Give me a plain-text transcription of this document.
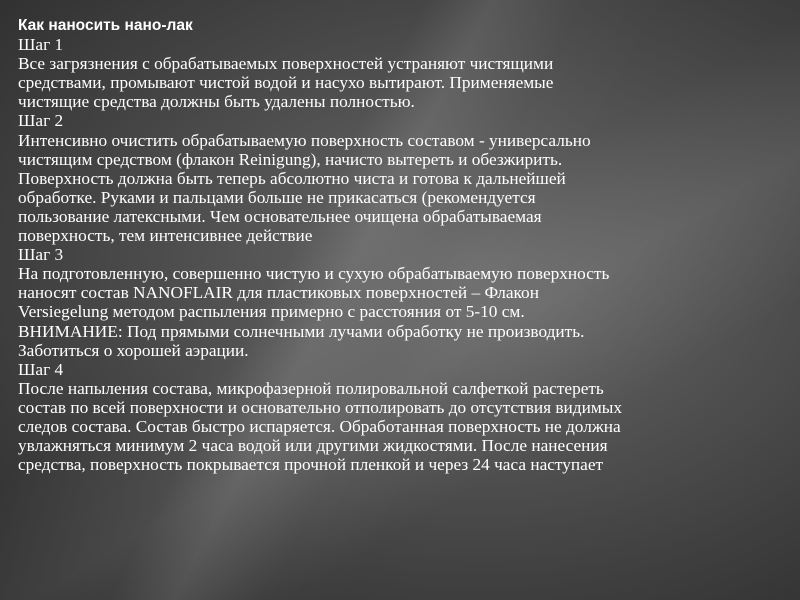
Как наносить нано-лак
Шаг 1
Все загрязнения с обрабатываемых поверхностей устраняют чистящими
средствами, промывают чистой водой и насухо вытирают. Применяемые
чистящие средства должны быть удалены полностью.
Шаг 2
Интенсивно очистить обрабатываемую поверхность составом - универсально
чистящим средством (флакон Reinigung), начисто вытереть и обезжирить.
Поверхность должна быть теперь абсолютно чиста и готова к дальнейшей
обработке. Руками и пальцами больше не прикасаться (рекомендуется
пользование латексными. Чем основательнее очищена обрабатываемая
поверхность, тем интенсивнее действие
Шаг 3
На подготовленную, совершенно чистую и сухую обрабатываемую поверхность
наносят состав NANOFLAIR для пластиковых поверхностей – Флакон
Versiegelung методом распыления примерно с расстояния от 5-10 см.
ВНИМАНИЕ: Под прямыми солнечными лучами обработку не производить.
Заботиться о хорошей аэрации.
Шаг 4
После напыления состава, микрофазерной полировальной салфеткой растереть
состав по всей поверхности и основательно отполировать до отсутствия видимых
следов состава. Состав быстро испаряется. Обработанная поверхность не должна
увлажняться минимум 2 часа водой или другими жидкостями. После нанесения
средства, поверхность покрывается прочной пленкой и через 24 часа наступает
